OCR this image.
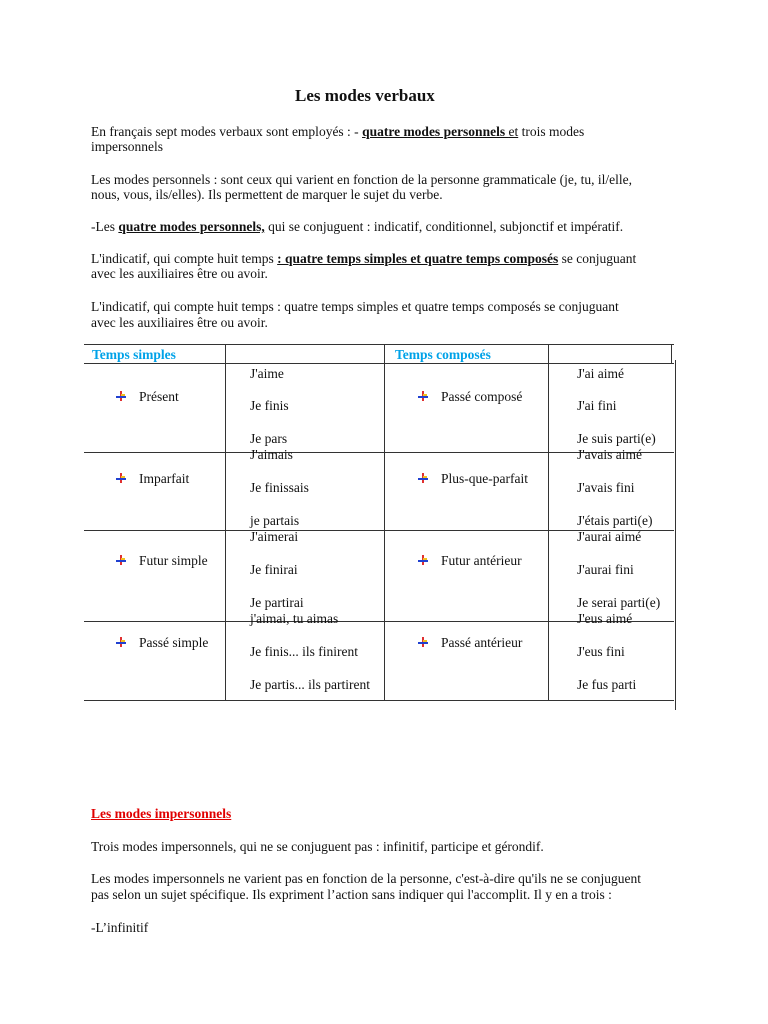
Les modes verbaux
En français sept modes verbaux sont employés : - quatre modes personnels et trois modes
impersonnels
Les modes personnels : sont ceux qui varient en fonction de la personne grammaticale (je, tu, il/elle,
nous, vous, ils/elles). Ils permettent de marquer le sujet du verbe.
-Les quatre modes personnels, qui se conjuguent : indicatif, conditionnel, subjonctif et impératif.
L'indicatif, qui compte huit temps : quatre temps simples et quatre temps composés se conjuguant
avec les auxiliaires être ou avoir.
L'indicatif, qui compte huit temps : quatre temps simples et quatre temps composés se conjuguant
avec les auxiliaires être ou avoir.
Temps simples	Temps composés
Présent
J'aime
Je finis
Je pars
Passé composé
J'ai aimé
J'ai fini
Je suis parti(e)
Imparfait
J'aimais
Je finissais
je partais
Plus-que-parfait
J'avais aimé
J'avais fini
J'étais parti(e)
Futur simple
J'aimerai
Je finirai
Je partirai
Futur antérieur
J'aurai aimé
J'aurai fini
Je serai parti(e)
Passé simple
j'aimai, tu aimas
Je finis... ils finirent
Je partis... ils partirent
Passé antérieur
J'eus aimé
J'eus fini
Je fus parti
Les modes impersonnels
Trois modes impersonnels, qui ne se conjuguent pas : infinitif, participe et gérondif.
Les modes impersonnels ne varient pas en fonction de la personne, c'est-à-dire qu'ils ne se conjuguent
pas selon un sujet spécifique. Ils expriment l’action sans indiquer qui l'accomplit. Il y en a trois :
-L’infinitif
